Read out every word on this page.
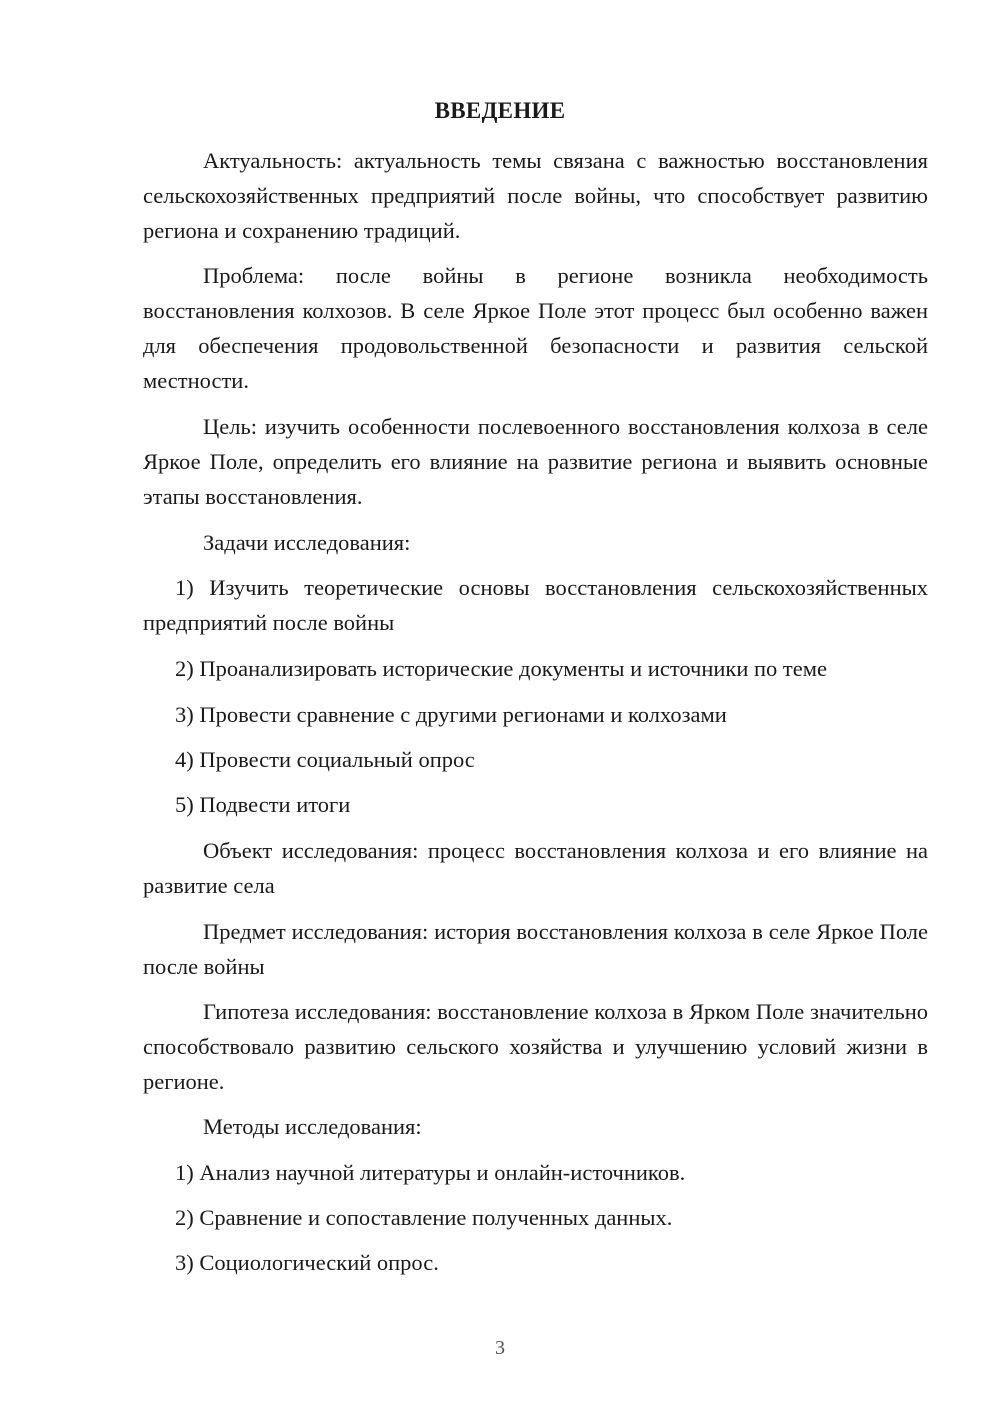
ВВЕДЕНИЕ

Актуальность: актуальность темы связана с важностью восстановления сельскохозяйственных предприятий после войны, что способствует развитию региона и сохранению традиций.

Проблема: после войны в регионе возникла необходимость восстановления колхозов. В селе Яркое Поле этот процесс был особенно важен для обеспечения продовольственной безопасности и развития сельской местности.

Цель: изучить особенности послевоенного восстановления колхоза в селе Яркое Поле, определить его влияние на развитие региона и выявить основные этапы восстановления.

Задачи исследования:

1) Изучить теоретические основы восстановления сельскохозяйственных предприятий после войны

2) Проанализировать исторические документы и источники по теме

3) Провести сравнение с другими регионами и колхозами

4) Провести социальный опрос

5) Подвести итоги

Объект исследования: процесс восстановления колхоза и его влияние на развитие села

Предмет исследования: история восстановления колхоза в селе Яркое Поле после войны

Гипотеза исследования: восстановление колхоза в Ярком Поле значительно способствовало развитию сельского хозяйства и улучшению условий жизни в регионе.

Методы исследования:

1) Анализ научной литературы и онлайн-источников.

2) Сравнение и сопоставление полученных данных.

3) Социологический опрос.

3
